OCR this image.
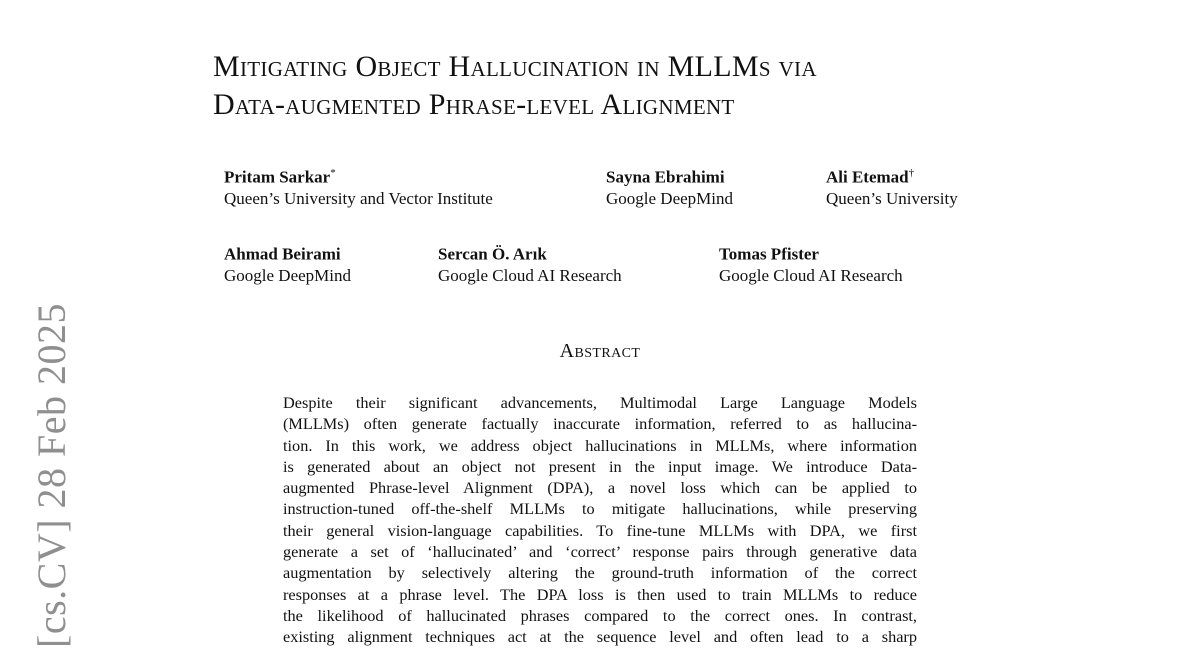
[cs.CV] 28 Feb 2025
Mitigating Object Hallucination in MLLMs via
Data-augmented Phrase-level Alignment
Pritam Sarkar*
Queen’s University and Vector Institute
Sayna Ebrahimi
Google DeepMind
Ali Etemad†
Queen’s University
Ahmad Beirami
Google DeepMind
Sercan Ö. Arık
Google Cloud AI Research
Tomas Pfister
Google Cloud AI Research
Abstract
Despite their significant advancements, Multimodal Large Language Models
(MLLMs) often generate factually inaccurate information, referred to as hallucina-
tion. In this work, we address object hallucinations in MLLMs, where information
is generated about an object not present in the input image. We introduce Data-
augmented Phrase-level Alignment (DPA), a novel loss which can be applied to
instruction-tuned off-the-shelf MLLMs to mitigate hallucinations, while preserving
their general vision-language capabilities. To fine-tune MLLMs with DPA, we first
generate a set of ‘hallucinated’ and ‘correct’ response pairs through generative data
augmentation by selectively altering the ground-truth information of the correct
responses at a phrase level. The DPA loss is then used to train MLLMs to reduce
the likelihood of hallucinated phrases compared to the correct ones. In contrast,
existing alignment techniques act at the sequence level and often lead to a sharp
